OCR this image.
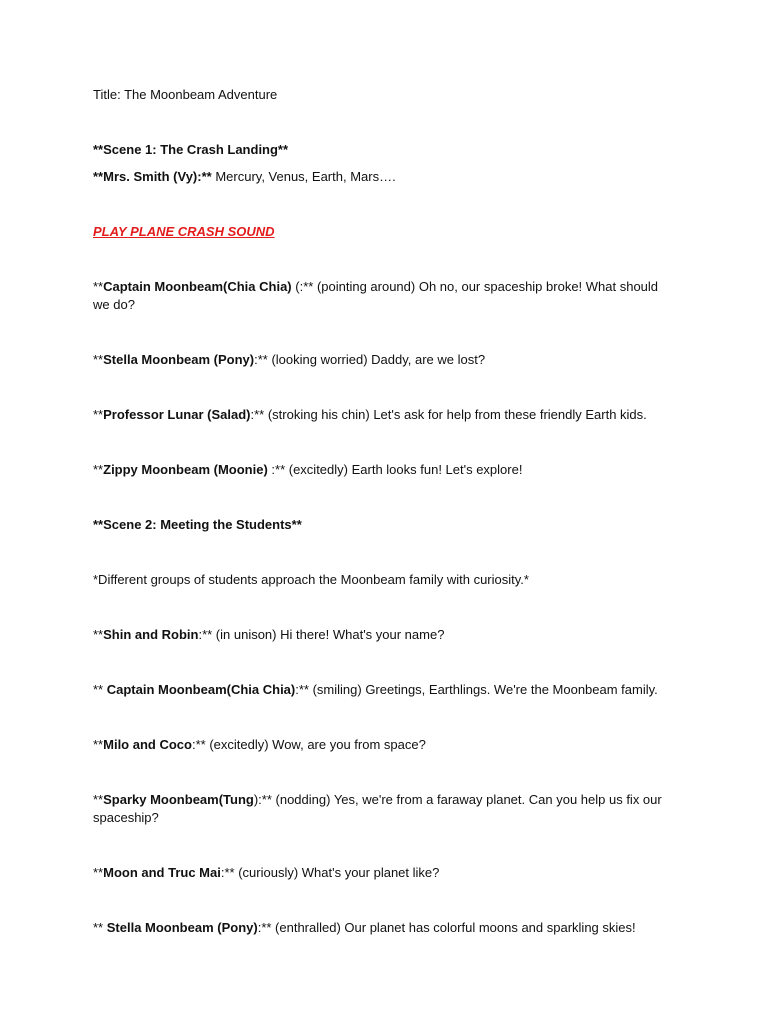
Title: The Moonbeam Adventure

**Scene 1: The Crash Landing**

**Mrs. Smith (Vy):** Mercury, Venus, Earth, Mars….

PLAY PLANE CRASH SOUND

**Captain Moonbeam(Chia Chia) (:** (pointing around) Oh no, our spaceship broke! What should we do?

**Stella Moonbeam (Pony):** (looking worried) Daddy, are we lost?

**Professor Lunar (Salad):** (stroking his chin) Let's ask for help from these friendly Earth kids.

**Zippy Moonbeam (Moonie) :** (excitedly) Earth looks fun! Let's explore!

**Scene 2: Meeting the Students**

*Different groups of students approach the Moonbeam family with curiosity.*

**Shin and Robin:** (in unison) Hi there! What's your name?

** Captain Moonbeam(Chia Chia):** (smiling) Greetings, Earthlings. We're the Moonbeam family.

**Milo and Coco:** (excitedly) Wow, are you from space?

**Sparky Moonbeam(Tung):** (nodding) Yes, we're from a faraway planet. Can you help us fix our spaceship?

**Moon and Truc Mai:** (curiously) What's your planet like?

** Stella Moonbeam (Pony):** (enthralled) Our planet has colorful moons and sparkling skies!
